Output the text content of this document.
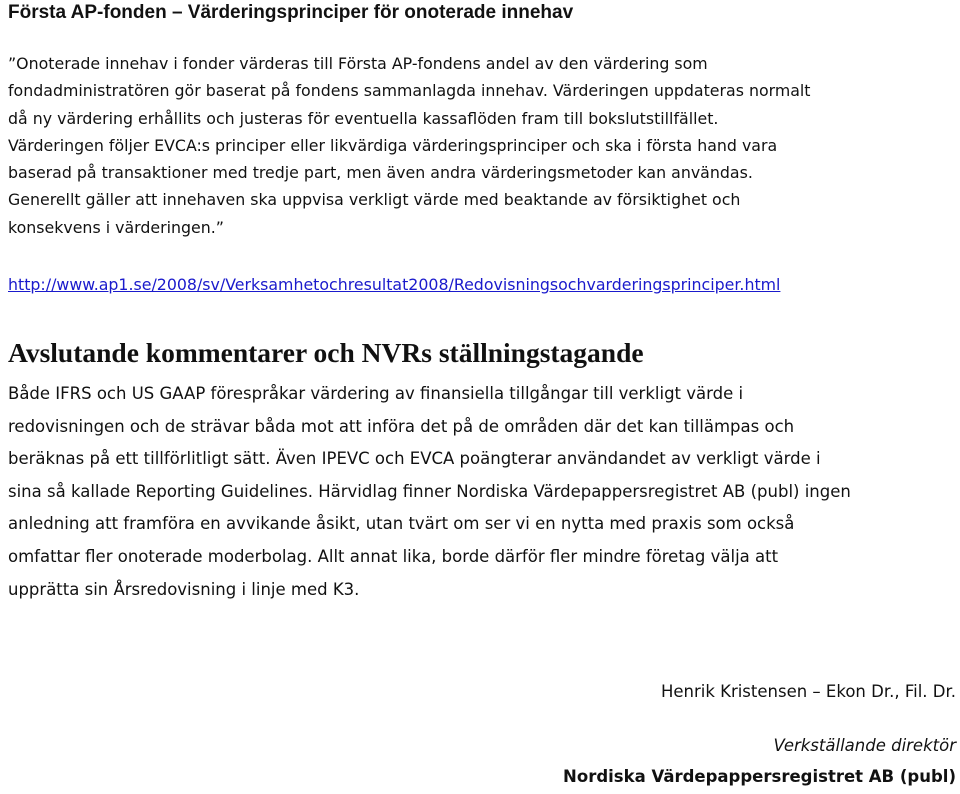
Första AP-fonden – Värderingsprinciper för onoterade innehav
”Onoterade innehav i fonder värderas till Första AP-fondens andel av den värdering som
fondadministratören gör baserat på fondens sammanlagda innehav. Värderingen uppdateras normalt
då ny värdering erhållits och justeras för eventuella kassaflöden fram till bokslutstillfället.
Värderingen följer EVCA:s principer eller likvärdiga värderingsprinciper och ska i första hand vara
baserad på transaktioner med tredje part, men även andra värderingsmetoder kan användas.
Generellt gäller att innehaven ska uppvisa verkligt värde med beaktande av försiktighet och
konsekvens i värderingen.”
http://www.ap1.se/2008/sv/Verksamhetochresultat2008/Redovisningsochvarderingsprinciper.html
Avslutande kommentarer och NVRs ställningstagande
Både IFRS och US GAAP förespråkar värdering av finansiella tillgångar till verkligt värde i
redovisningen och de strävar båda mot att införa det på de områden där det kan tillämpas och
beräknas på ett tillförlitligt sätt. Även IPEVC och EVCA poängterar användandet av verkligt värde i
sina så kallade Reporting Guidelines. Härvidlag finner Nordiska Värdepappersregistret AB (publ) ingen
anledning att framföra en avvikande åsikt, utan tvärt om ser vi en nytta med praxis som också
omfattar fler onoterade moderbolag. Allt annat lika, borde därför fler mindre företag välja att
upprätta sin Årsredovisning i linje med K3.
Henrik Kristensen – Ekon Dr., Fil. Dr.
Verkställande direktör
Nordiska Värdepappersregistret AB (publ)
